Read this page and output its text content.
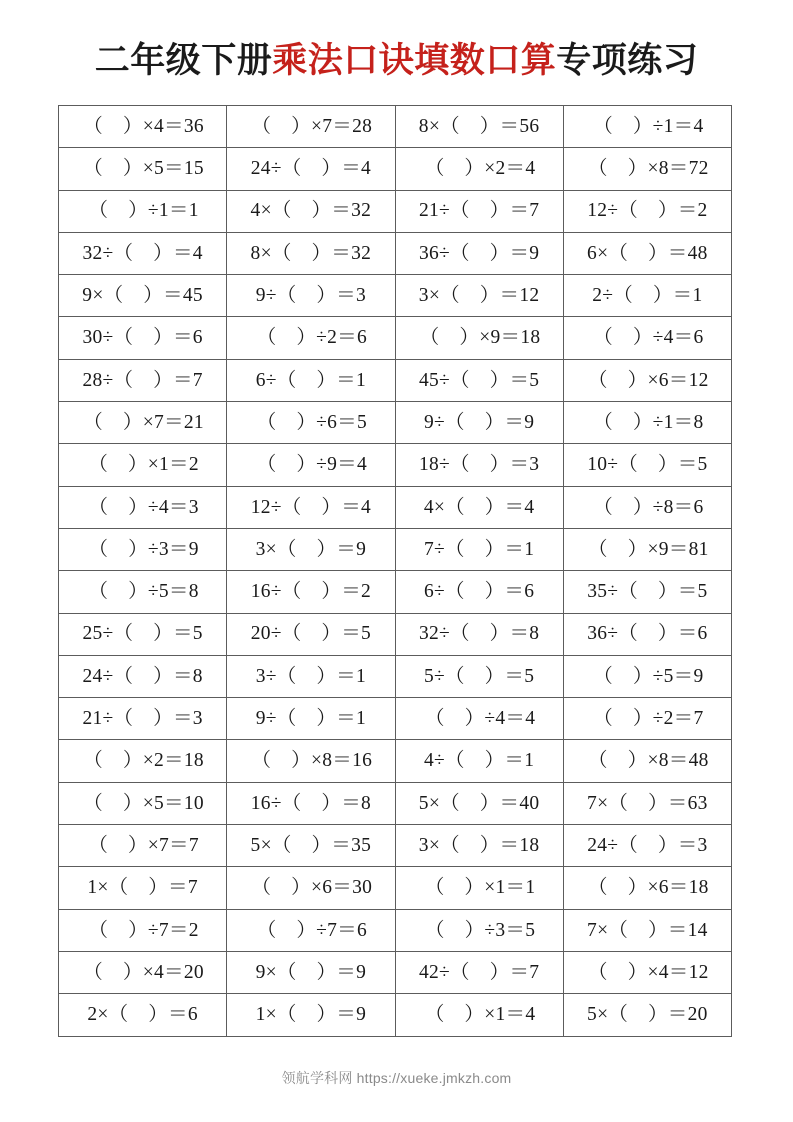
二年级下册乘法口诀填数口算专项练习
（　）×4＝36	（　）×7＝28	8×（　）＝56	（　）÷1＝4
（　）×5＝15	24÷（　）＝4	（　）×2＝4	（　）×8＝72
（　）÷1＝1	4×（　）＝32	21÷（　）＝7	12÷（　）＝2
32÷（　）＝4	8×（　）＝32	36÷（　）＝9	6×（　）＝48
9×（　）＝45	9÷（　）＝3	3×（　）＝12	2÷（　）＝1
30÷（　）＝6	（　）÷2＝6	（　）×9＝18	（　）÷4＝6
28÷（　）＝7	6÷（　）＝1	45÷（　）＝5	（　）×6＝12
（　）×7＝21	（　）÷6＝5	9÷（　）＝9	（　）÷1＝8
（　）×1＝2	（　）÷9＝4	18÷（　）＝3	10÷（　）＝5
（　）÷4＝3	12÷（　）＝4	4×（　）＝4	（　）÷8＝6
（　）÷3＝9	3×（　）＝9	7÷（　）＝1	（　）×9＝81
（　）÷5＝8	16÷（　）＝2	6÷（　）＝6	35÷（　）＝5
25÷（　）＝5	20÷（　）＝5	32÷（　）＝8	36÷（　）＝6
24÷（　）＝8	3÷（　）＝1	5÷（　）＝5	（　）÷5＝9
21÷（　）＝3	9÷（　）＝1	（　）÷4＝4	（　）÷2＝7
（　）×2＝18	（　）×8＝16	4÷（　）＝1	（　）×8＝48
（　）×5＝10	16÷（　）＝8	5×（　）＝40	7×（　）＝63
（　）×7＝7	5×（　）＝35	3×（　）＝18	24÷（　）＝3
1×（　）＝7	（　）×6＝30	（　）×1＝1	（　）×6＝18
（　）÷7＝2	（　）÷7＝6	（　）÷3＝5	7×（　）＝14
（　）×4＝20	9×（　）＝9	42÷（　）＝7	（　）×4＝12
2×（　）＝6	1×（　）＝9	（　）×1＝4	5×（　）＝20
领航学科网 https://xueke.jmkzh.com
